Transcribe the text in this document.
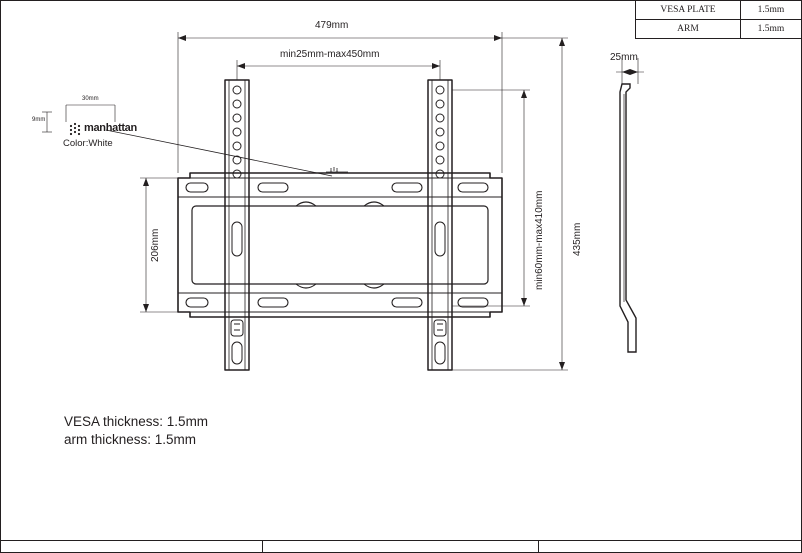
VESA PLATE	1.5mm
ARM	1.5mm
479mm
min25mm-max450mm
435mm
min60mm-max410mm
206mm
25mm
30mm
9mm
manhattan
Color:White
VESA thickness: 1.5mm
arm thickness: 1.5mm
